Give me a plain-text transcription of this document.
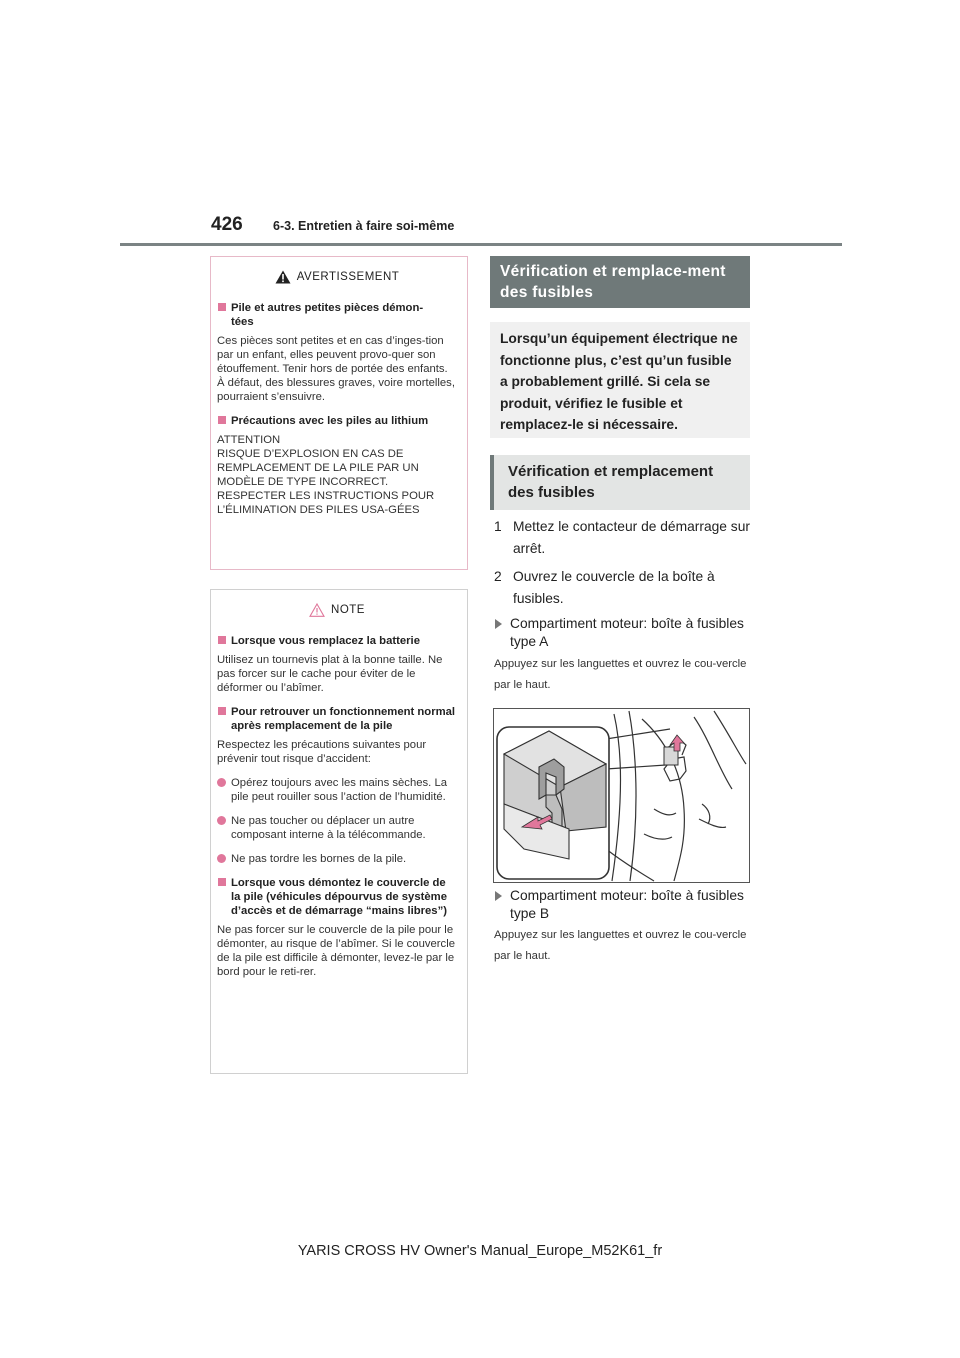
426 6-3. Entretien à faire soi-même
AVERTISSEMENT
Pile et autres petites pièces démon-
tées
Ces pièces sont petites et en cas d’inges-tion par un enfant, elles peuvent provo-quer son étouffement. Tenir hors de portée des enfants. À défaut, des blessures graves, voire mortelles, pourraient s’ensuivre.
Précautions avec les piles au lithium
ATTENTION
RISQUE D’EXPLOSION EN CAS DE REMPLACEMENT DE LA PILE PAR UN MODÈLE DE TYPE INCORRECT. RESPECTER LES INSTRUCTIONS POUR L’ÉLIMINATION DES PILES USA-GÉES
NOTE
Lorsque vous remplacez la batterie
Utilisez un tournevis plat à la bonne taille. Ne pas forcer sur le cache pour éviter de le déformer ou l’abîmer.
Pour retrouver un fonctionnement normal après remplacement de la pile
Respectez les précautions suivantes pour prévenir tout risque d’accident:
Opérez toujours avec les mains sèches. La pile peut rouiller sous l’action de l’humidité.
Ne pas toucher ou déplacer un autre composant interne à la télécommande.
Ne pas tordre les bornes de la pile.
Lorsque vous démontez le couvercle de la pile (véhicules dépourvus de système d’accès et de démarrage “mains libres”)
Ne pas forcer sur le couvercle de la pile pour le démonter, au risque de l’abîmer. Si le couvercle de la pile est difficile à démonter, levez-le par le bord pour le reti-rer.
Vérification et remplace-ment des fusibles
Lorsqu’un équipement électrique ne fonctionne plus, c’est qu’un fusible a probablement grillé. Si cela se produit, vérifiez le fusible et remplacez-le si nécessaire.
Vérification et remplacement des fusibles
1 Mettez le contacteur de démarrage sur arrêt.
2 Ouvrez le couvercle de la boîte à fusibles.
Compartiment moteur: boîte à fusibles type A
Appuyez sur les languettes et ouvrez le cou-vercle par le haut.
Compartiment moteur: boîte à fusibles type B
Appuyez sur les languettes et ouvrez le cou-vercle par le haut.
YARIS CROSS HV Owner's Manual_Europe_M52K61_fr
